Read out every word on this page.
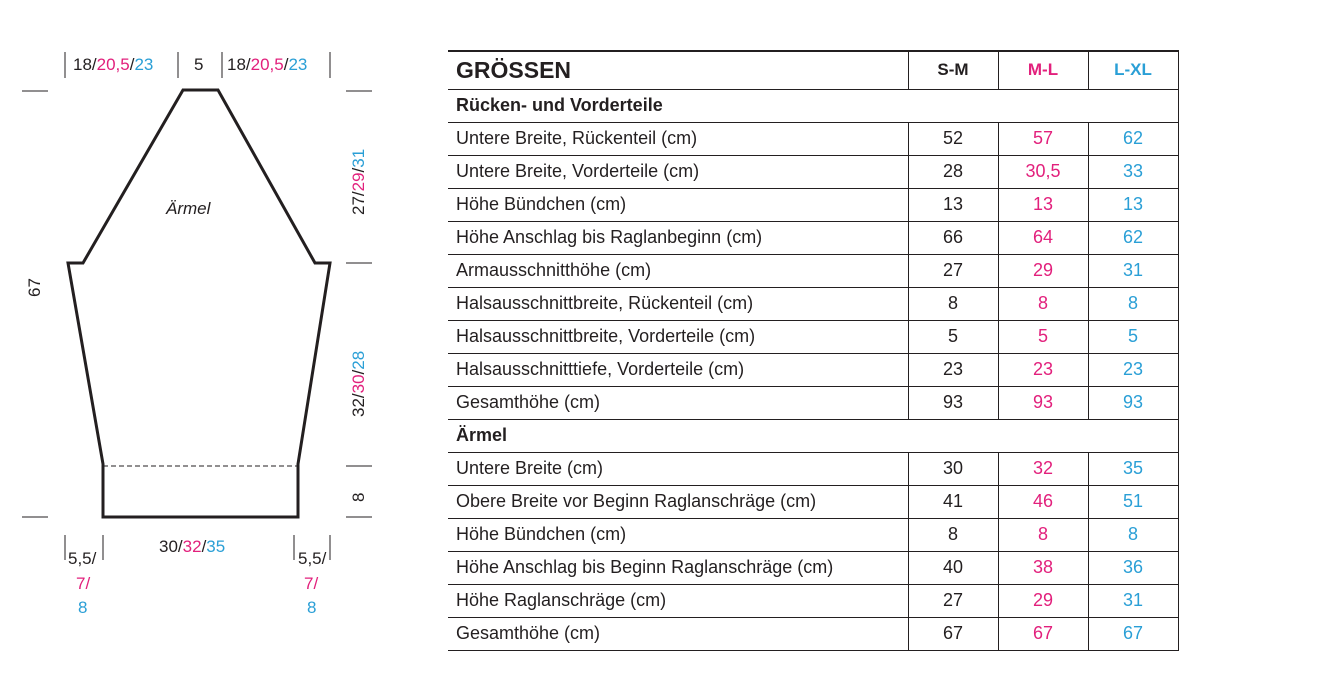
18/20,5/23 5 18/20,5/23
Ärmel
67
27/29/31
32/30/28
8
30/32/35
5,5/
7/
8
5,5/
7/
8
GRÖSSEN	S-M	M-L	L-XL
Rücken- und Vorderteile			
Untere Breite, Rückenteil (cm)	52	57	62
Untere Breite, Vorderteile (cm)	28	30,5	33
Höhe Bündchen (cm)	13	13	13
Höhe Anschlag bis Raglanbeginn (cm)	66	64	62
Armausschnitthöhe (cm)	27	29	31
Halsausschnittbreite, Rückenteil (cm)	8	8	8
Halsausschnittbreite, Vorderteile (cm)	5	5	5
Halsausschnitttiefe, Vorderteile (cm)	23	23	23
Gesamthöhe (cm)	93	93	93
Ärmel			
Untere Breite (cm)	30	32	35
Obere Breite vor Beginn Raglanschräge (cm)	41	46	51
Höhe Bündchen (cm)	8	8	8
Höhe Anschlag bis Beginn Raglanschräge (cm)	40	38	36
Höhe Raglanschräge (cm)	27	29	31
Gesamthöhe (cm)	67	67	67
